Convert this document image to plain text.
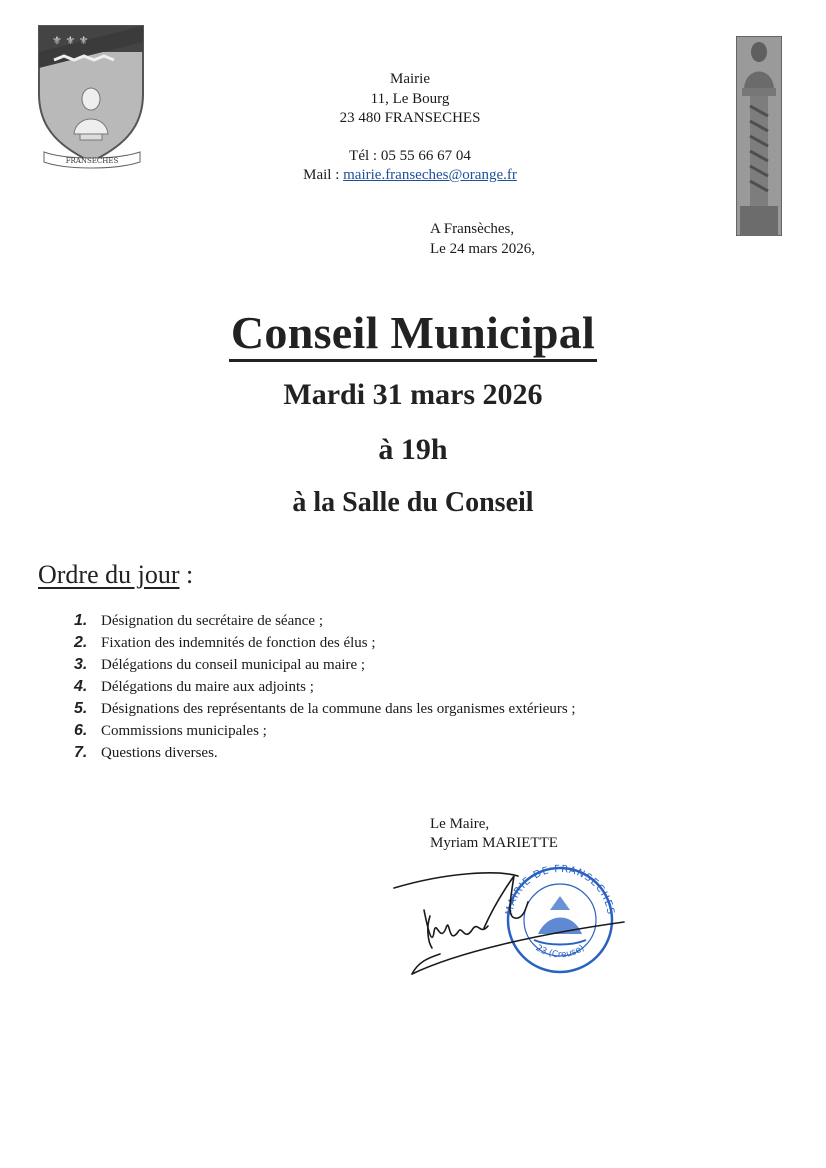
⚜ ⚜ ⚜
FRANSECHES
Mairie
11, Le Bourg
23 480 FRANSECHES
Tél : 05 55 66 67 04
Mail : mairie.franseches@orange.fr
A Fransèches,
Le 24 mars 2026,
Conseil Municipal
Mardi 31 mars 2026
à 19h
à la Salle du Conseil
Ordre du jour :
1. Désignation du secrétaire de séance ;
2. Fixation des indemnités de fonction des élus ;
3. Délégations du conseil municipal au maire ;
4. Délégations du maire aux adjoints ;
5. Désignations des représentants de la commune dans les organismes extérieurs ;
6. Commissions municipales ;
7. Questions diverses.
Le Maire,
Myriam MARIETTE
MAIRIE DE FRANSECHES
23 (Creuse)
